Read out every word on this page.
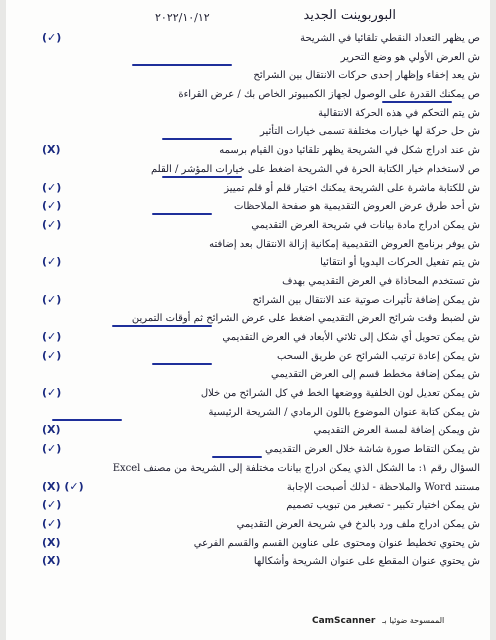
البوربوينت الجديد
٢٠٢٢/١٠/١٢
ص يظهر التعداد النقطي تلقائيا في الشريحة
(✓)
ش العرض الأولي هو وضع التحرير
ش يعد إخفاء وإظهار إحدى حركات الانتقال بين الشرائح
ص يمكنك القدرة على الوصول لجهاز الكمبيوتر الخاص بك / عرض القراءة
ش يتم التحكم في هذه الحركة الانتقالية
ش حل حركة لها خيارات مختلفة تسمى خيارات التأثير
ش عند ادراج شكل في الشريحة يظهر تلقائيا دون القيام برسمه
(X)
ص لاستخدام خيار الكتابة الحرة في الشريحة اضغط على خيارات المؤشر / القلم
ش للكتابة ماشرة على الشريحة يمكنك اختيار قلم أو قلم تمييز
(✓)
ش أحد طرق عرض العروض التقديمية هو صفحة الملاحظات
(✓)
ش يمكن ادراج مادة بيانات في شريحة العرض التقديمي
(✓)
ش يوفر برنامج العروض التقديمية إمكانية إزالة الانتقال بعد إضافته
ش يتم تفعيل الحركات اليدويا أو انتقائيا
(✓)
ش تستخدم المحاذاة في العرض التقديمي بهدف
ش يمكن إضافة تأثيرات صوتية عند الانتقال بين الشرائح
(✓)
ش لضبط وقت شرائح العرض التقديمي اضغط على عرض الشرائح ثم أوقات التمرين
ش يمكن تحويل أي شكل إلى ثلاثي الأبعاد في العرض التقديمي
(✓)
ش يمكن إعادة ترتيب الشرائح عن طريق السحب
(✓)
ش يمكن إضافة مخطط قسم إلى العرض التقديمي
ش يمكن تعديل لون الخلفية ووضعها الخط في كل الشرائح من خلال
(✓)
ش يمكن كتابة عنوان الموضوع باللون الرمادي / الشريحة الرئيسية
ش ويمكن إضافة لمسة العرض التقديمي
(X)
ش يمكن التقاط صورة شاشة خلال العرض التقديمي
(✓)
السؤال رقم ١: ما الشكل الذي يمكن ادراج بيانات مختلفة إلى الشريحة من مصنف Excel
مستند Word والملاحظة - لذلك أصبحت الإجابة
(✓) (X)
ش يمكن اختيار تكبير - تصغير من تبويب تصميم
(✓)
ش يمكن ادراج ملف ورد بالدخ في شريحة العرض التقديمي
(✓)
ش يحتوي تخطيط عنوان ومحتوى على عناوين القسم والقسم الفرعي
(X)
ش يحتوي عنوان المقطع على عنوان الشريحة وأشكالها
(X)
CamScanner الممسوحة ضوئيا بـ
